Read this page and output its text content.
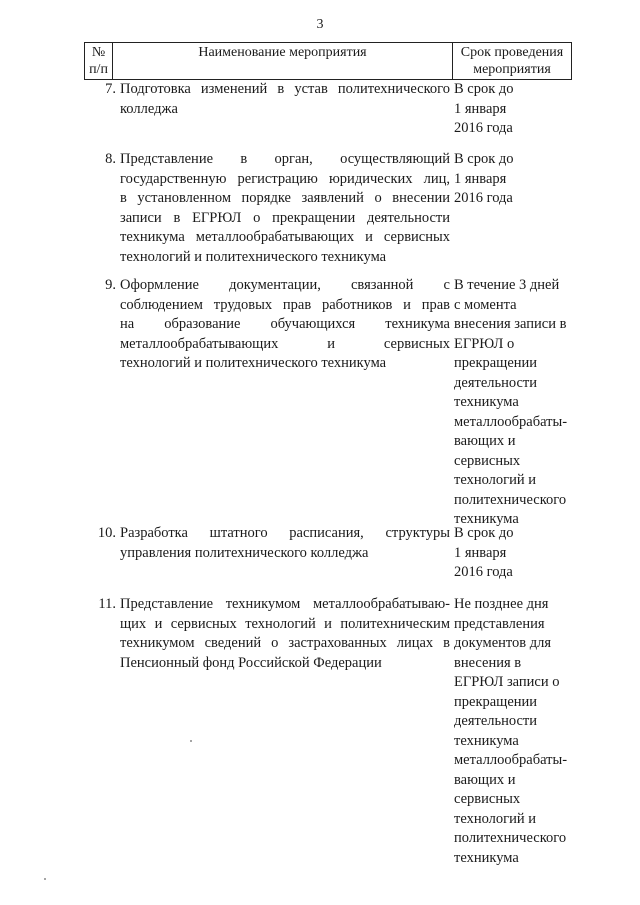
3
№
п/п
Наименование мероприятия	Срок проведения
мероприятия
7. Подготовка изменений в устав политехнического
колледжа
В срок до
1 января
2016 года
8. Представление в орган, осуществляющий
государственную регистрацию юридических лиц,
в установленном порядке заявлений о внесении
записи в ЕГРЮЛ о прекращении деятельности
техникума металлообрабатывающих и сервисных
технологий и политехнического техникума
В срок до
1 января
2016 года
9. Оформление документации, связанной с
соблюдением трудовых прав работников и прав
на образование обучающихся техникума
металлообрабатывающих и сервисных
технологий и политехнического техникума
В течение 3 дней
с момента
внесения записи в
ЕГРЮЛ о
прекращении
деятельности
техникума
металлообрабаты-
вающих и
сервисных
технологий и
политехнического
техникума
10. Разработка штатного расписания, структуры
управления политехнического колледжа
В срок до
1 января
2016 года
11. Представление техникумом металлообрабатываю-
щих и сервисных технологий и политехническим
техникумом сведений о застрахованных лицах в
Пенсионный фонд Российской Федерации
Не позднее дня
представления
документов для
внесения в
ЕГРЮЛ записи о
прекращении
деятельности
техникума
металлообрабаты-
вающих и
сервисных
технологий и
политехнического
техникума
